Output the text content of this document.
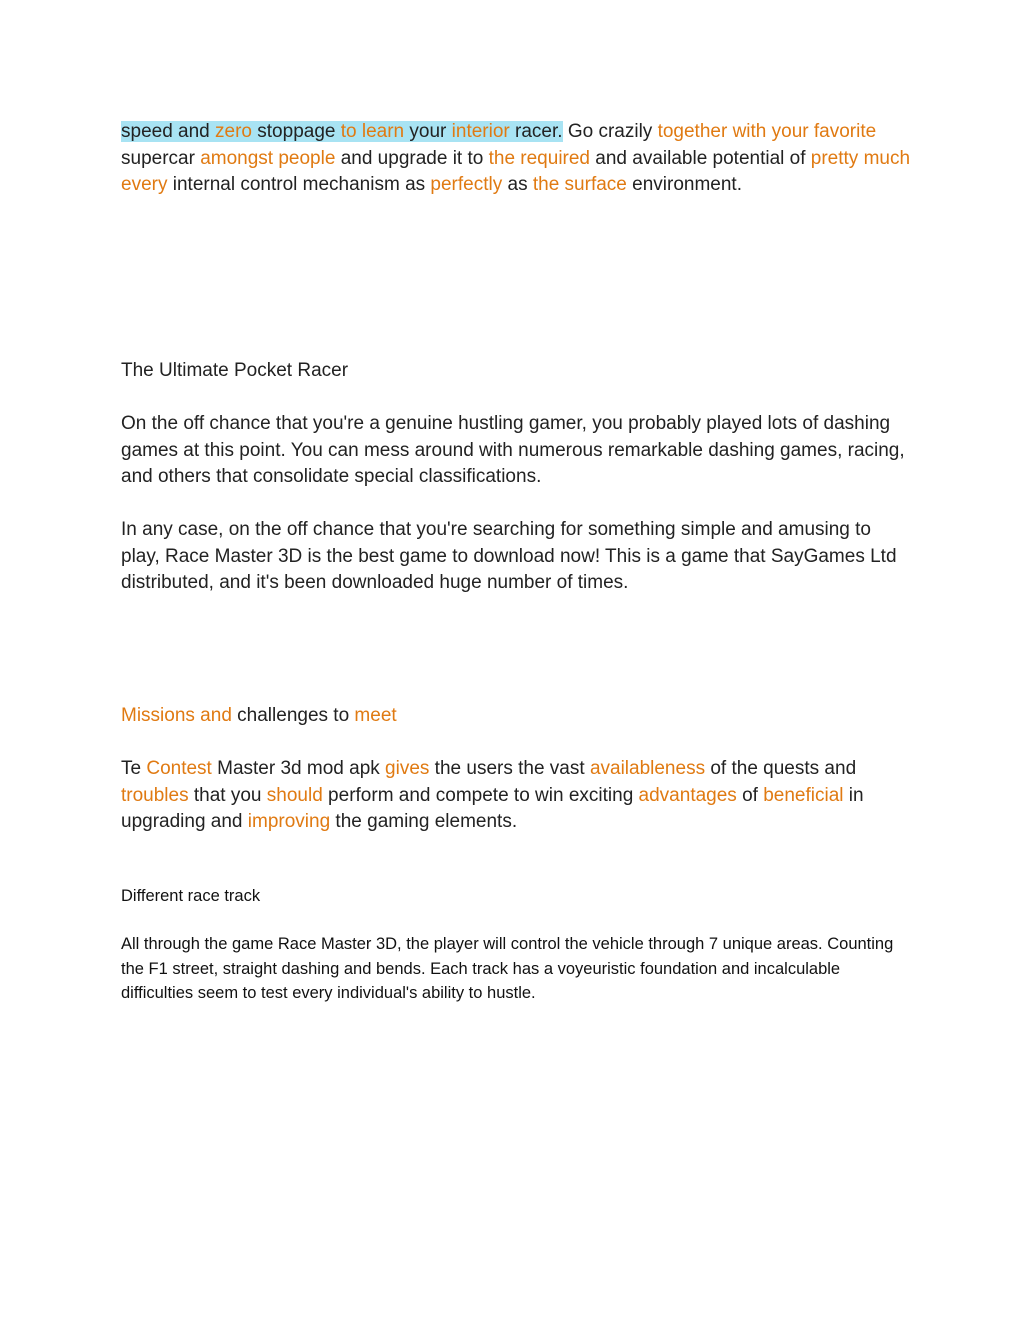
speed and zero stoppage to learn your interior racer. Go crazily together with your favorite supercar amongst people and upgrade it to the required and available potential of pretty much every internal control mechanism as perfectly as the surface environment.

The Ultimate Pocket Racer

On the off chance that you're a genuine hustling gamer, you probably played lots of dashing games at this point. You can mess around with numerous remarkable dashing games, racing, and others that consolidate special classifications.

In any case, on the off chance that you're searching for something simple and amusing to play, Race Master 3D is the best game to download now! This is a game that SayGames Ltd distributed, and it's been downloaded huge number of times.

Missions and challenges to meet

Te Contest Master 3d mod apk gives the users the vast availableness of the quests and troubles that you should perform and compete to win exciting advantages of beneficial in upgrading and improving the gaming elements.

Different race track

All through the game Race Master 3D, the player will control the vehicle through 7 unique areas. Counting the F1 street, straight dashing and bends. Each track has a voyeuristic foundation and incalculable difficulties seem to test every individual's ability to hustle.
